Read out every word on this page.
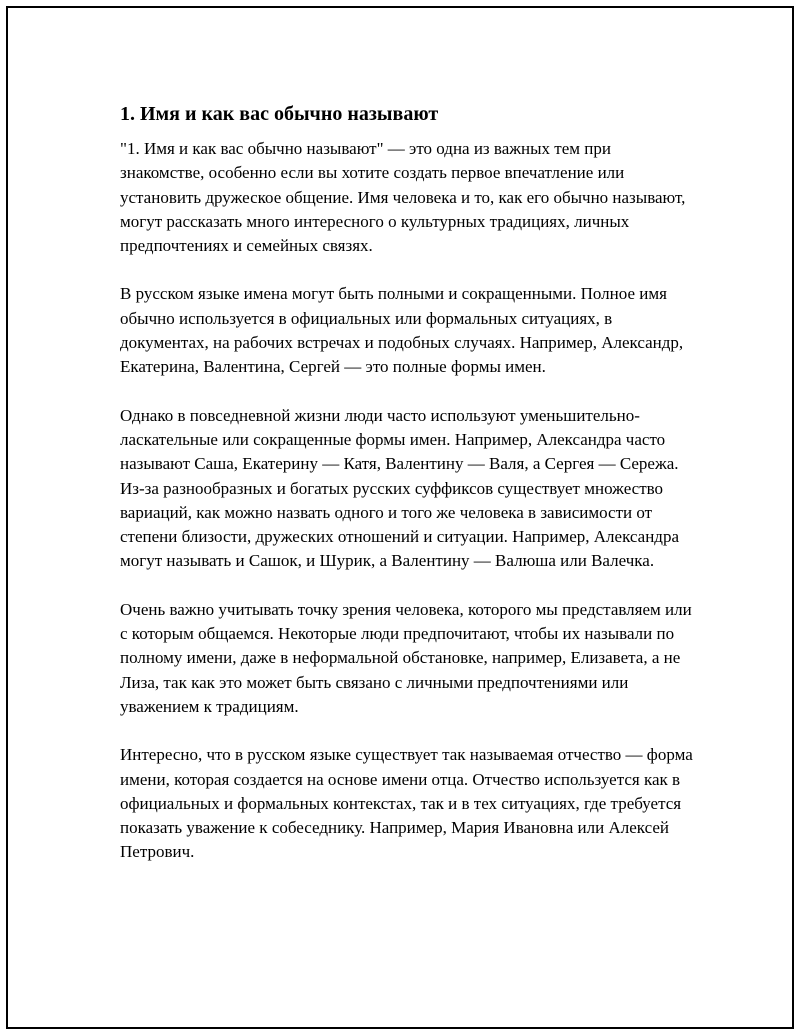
1. Имя и как вас обычно называют

"1. Имя и как вас обычно называют" — это одна из важных тем при знакомстве, особенно если вы хотите создать первое впечатление или установить дружеское общение. Имя человека и то, как его обычно называют, могут рассказать много интересного о культурных традициях, личных предпочтениях и семейных связях.

В русском языке имена могут быть полными и сокращенными. Полное имя обычно используется в официальных или формальных ситуациях, в документах, на рабочих встречах и подобных случаях. Например, Александр, Екатерина, Валентина, Сергей — это полные формы имен.

Однако в повседневной жизни люди часто используют уменьшительно-ласкательные или сокращенные формы имен. Например, Александра часто называют Саша, Екатерину — Катя, Валентину — Валя, а Сергея — Сережа. Из-за разнообразных и богатых русских суффиксов существует множество вариаций, как можно назвать одного и того же человека в зависимости от степени близости, дружеских отношений и ситуации. Например, Александра могут называть и Сашок, и Шурик, а Валентину — Валюша или Валечка.

Очень важно учитывать точку зрения человека, которого мы представляем или с которым общаемся. Некоторые люди предпочитают, чтобы их называли по полному имени, даже в неформальной обстановке, например, Елизавета, а не Лиза, так как это может быть связано с личными предпочтениями или уважением к традициям.

Интересно, что в русском языке существует так называемая отчество — форма имени, которая создается на основе имени отца. Отчество используется как в официальных и формальных контекстах, так и в тех ситуациях, где требуется показать уважение к собеседнику. Например, Мария Ивановна или Алексей Петрович.
